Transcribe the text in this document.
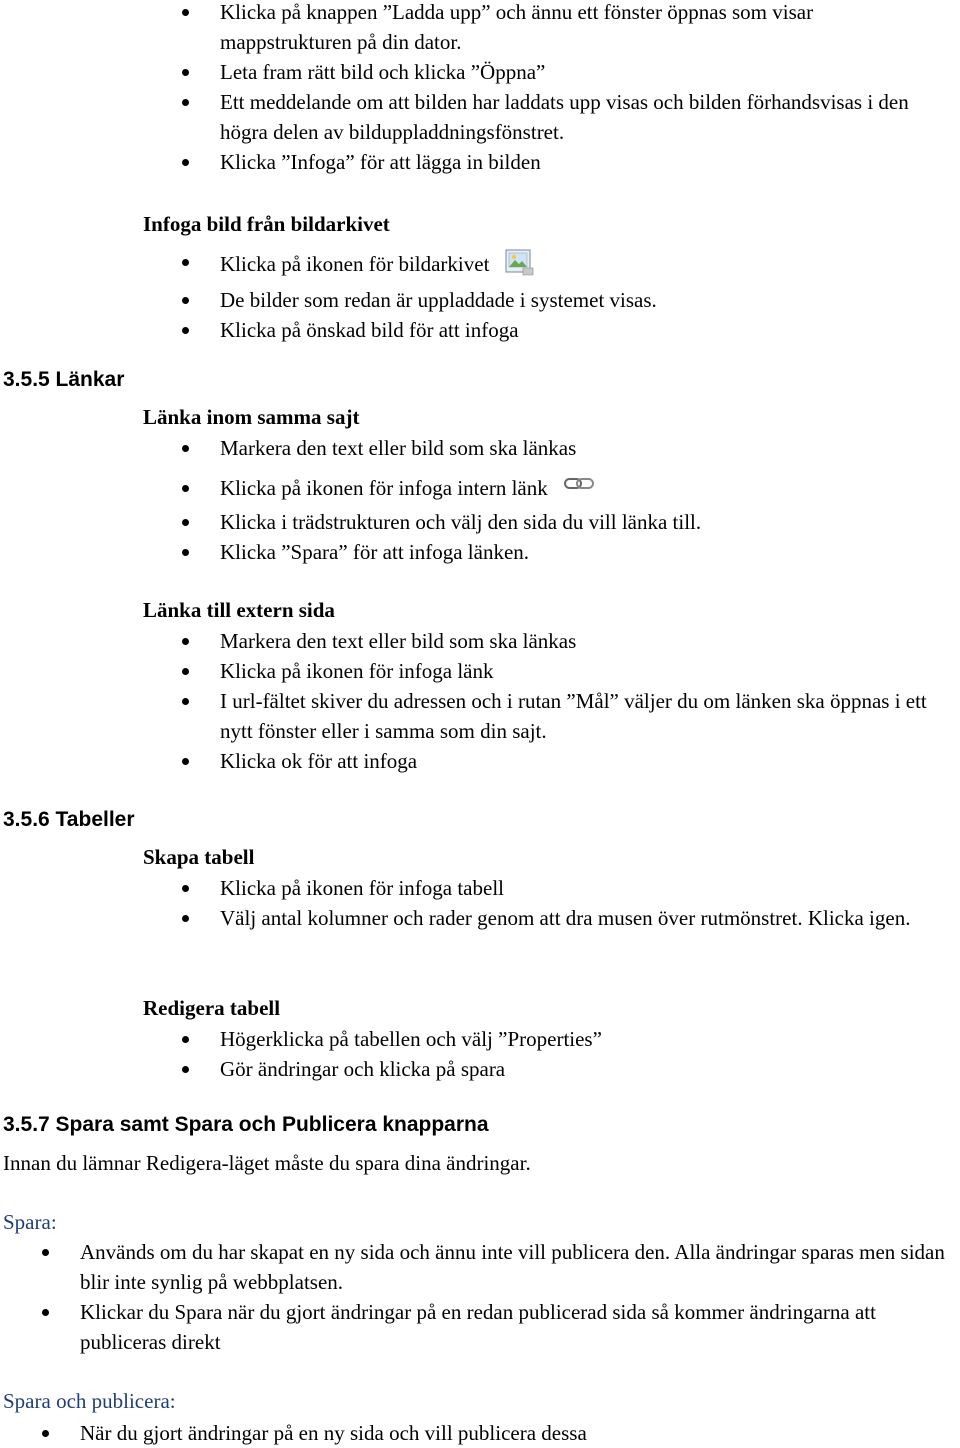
Klicka på knappen ”Ladda upp” och ännu ett fönster öppnas som visar mappstrukturen på din dator.
Leta fram rätt bild och klicka ”Öppna”
Ett meddelande om att bilden har laddats upp visas och bilden förhandsvisas i den högra delen av bilduppladdningsfönstret.
Klicka ”Infoga” för att lägga in bilden
Infoga bild från bildarkivet
Klicka på ikonen för bildarkivet
De bilder som redan är uppladdade i systemet visas.
Klicka på önskad bild för att infoga
3.5.5 Länkar
Länka inom samma sajt
Markera den text eller bild som ska länkas
Klicka på ikonen för infoga intern länk
Klicka i trädstrukturen och välj den sida du vill länka till.
Klicka ”Spara” för att infoga länken.
Länka till extern sida
Markera den text eller bild som ska länkas
Klicka på ikonen för infoga länk
I url-fältet skiver du adressen och i rutan ”Mål” väljer du om länken ska öppnas i ett nytt fönster eller i samma som din sajt.
Klicka ok för att infoga
3.5.6 Tabeller
Skapa tabell
Klicka på ikonen för infoga tabell
Välj antal kolumner och rader genom att dra musen över rutmönstret. Klicka igen.
Redigera tabell
Högerklicka på tabellen och välj ”Properties”
Gör ändringar och klicka på spara
3.5.7 Spara samt Spara och Publicera knapparna

Innan du lämnar Redigera-läget måste du spara dina ändringar.

Spara:

Används om du har skapat en ny sida och ännu inte vill publicera den. Alla ändringar sparas men sidan blir inte synlig på webbplatsen.
Klickar du Spara när du gjort ändringar på en redan publicerad sida så kommer ändringarna att publiceras direkt

Spara och publicera:

När du gjort ändringar på en ny sida och vill publicera dessa
